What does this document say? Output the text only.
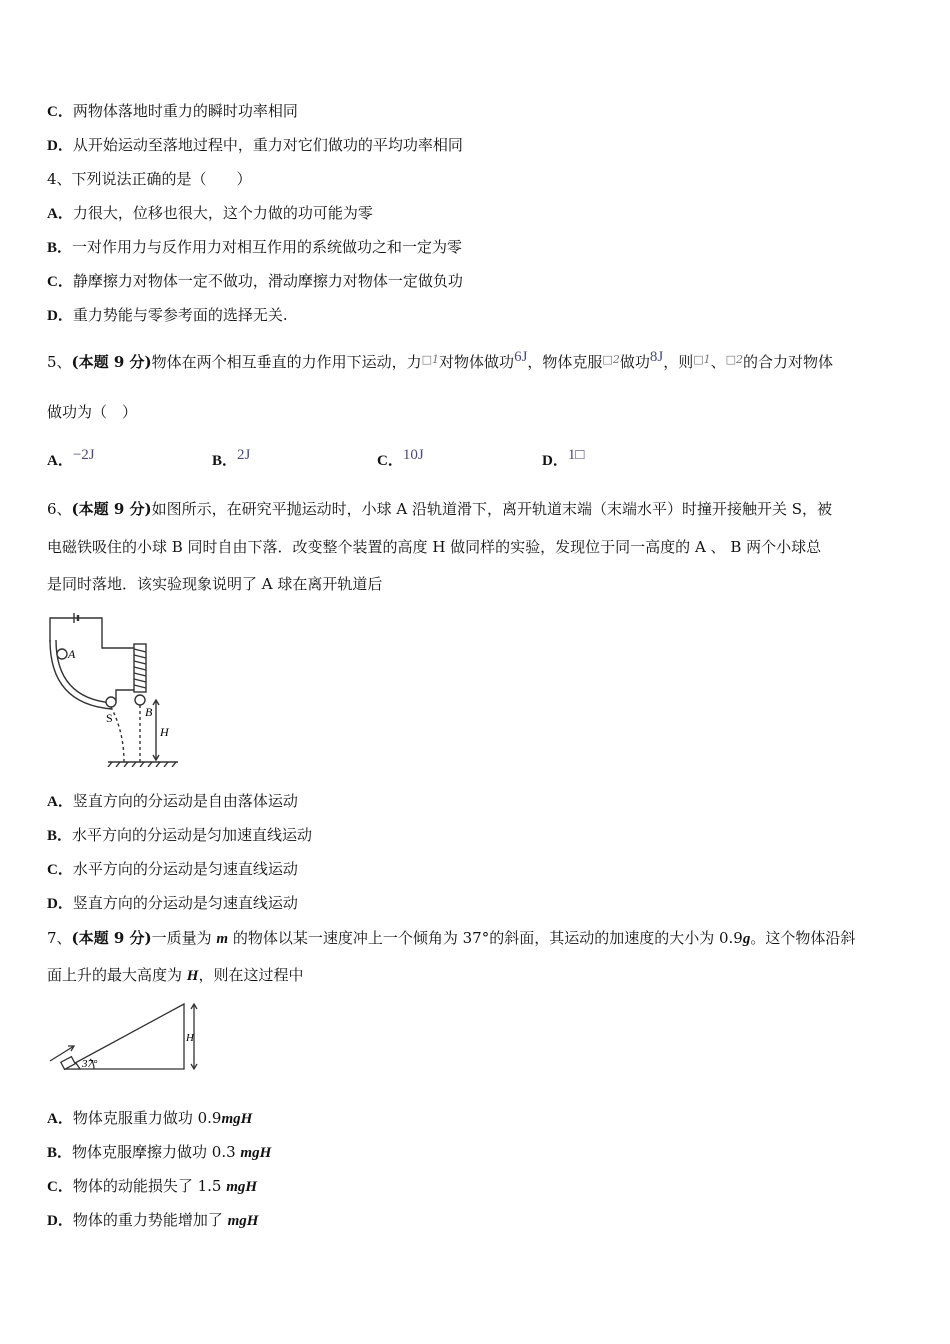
C．两物体落地时重力的瞬时功率相同
D．从开始运动至落地过程中，重力对它们做功的平均功率相同
4、下列说法正确的是（　　）
A．力很大，位移也很大，这个力做的功可能为零
B．一对作用力与反作用力对相互作用的系统做功之和一定为零
C．静摩擦力对物体一定不做功，滑动摩擦力对物体一定做负功
D．重力势能与零参考面的选择无关.
5、(本题 9 分)物体在两个相互垂直的力作用下运动，力$^{□1}$对物体做功6J，物体克服$^{□2}$做功8J，则$^{□1}$、$^{□2}$的合力对物体
做功为（　）
A．−2J	B．2J	C．10J	D．1□
6、(本题 9 分)如图所示，在研究平抛运动时，小球 A 沿轨道滑下，离开轨道末端（末端水平）时撞开接触开关 S，被
电磁铁吸住的小球 B 同时自由下落．改变整个装置的高度 H 做同样的实验，发现位于同一高度的 A 、 B 两个小球总
是同时落地．该实验现象说明了 A 球在离开轨道后
A
S	B
H
A．竖直方向的分运动是自由落体运动
B．水平方向的分运动是匀加速直线运动
C．水平方向的分运动是匀速直线运动
D．竖直方向的分运动是匀速直线运动
7、(本题 9 分)一质量为 m 的物体以某一速度冲上一个倾角为 37°的斜面，其运动的加速度的大小为 0.9g。这个物体沿斜
面上升的最大高度为 H，则在这过程中
37°
H
A．物体克服重力做功 0.9mgH
B．物体克服摩擦力做功 0.3 mgH
C．物体的动能损失了 1.5 mgH
D．物体的重力势能增加了 mgH
